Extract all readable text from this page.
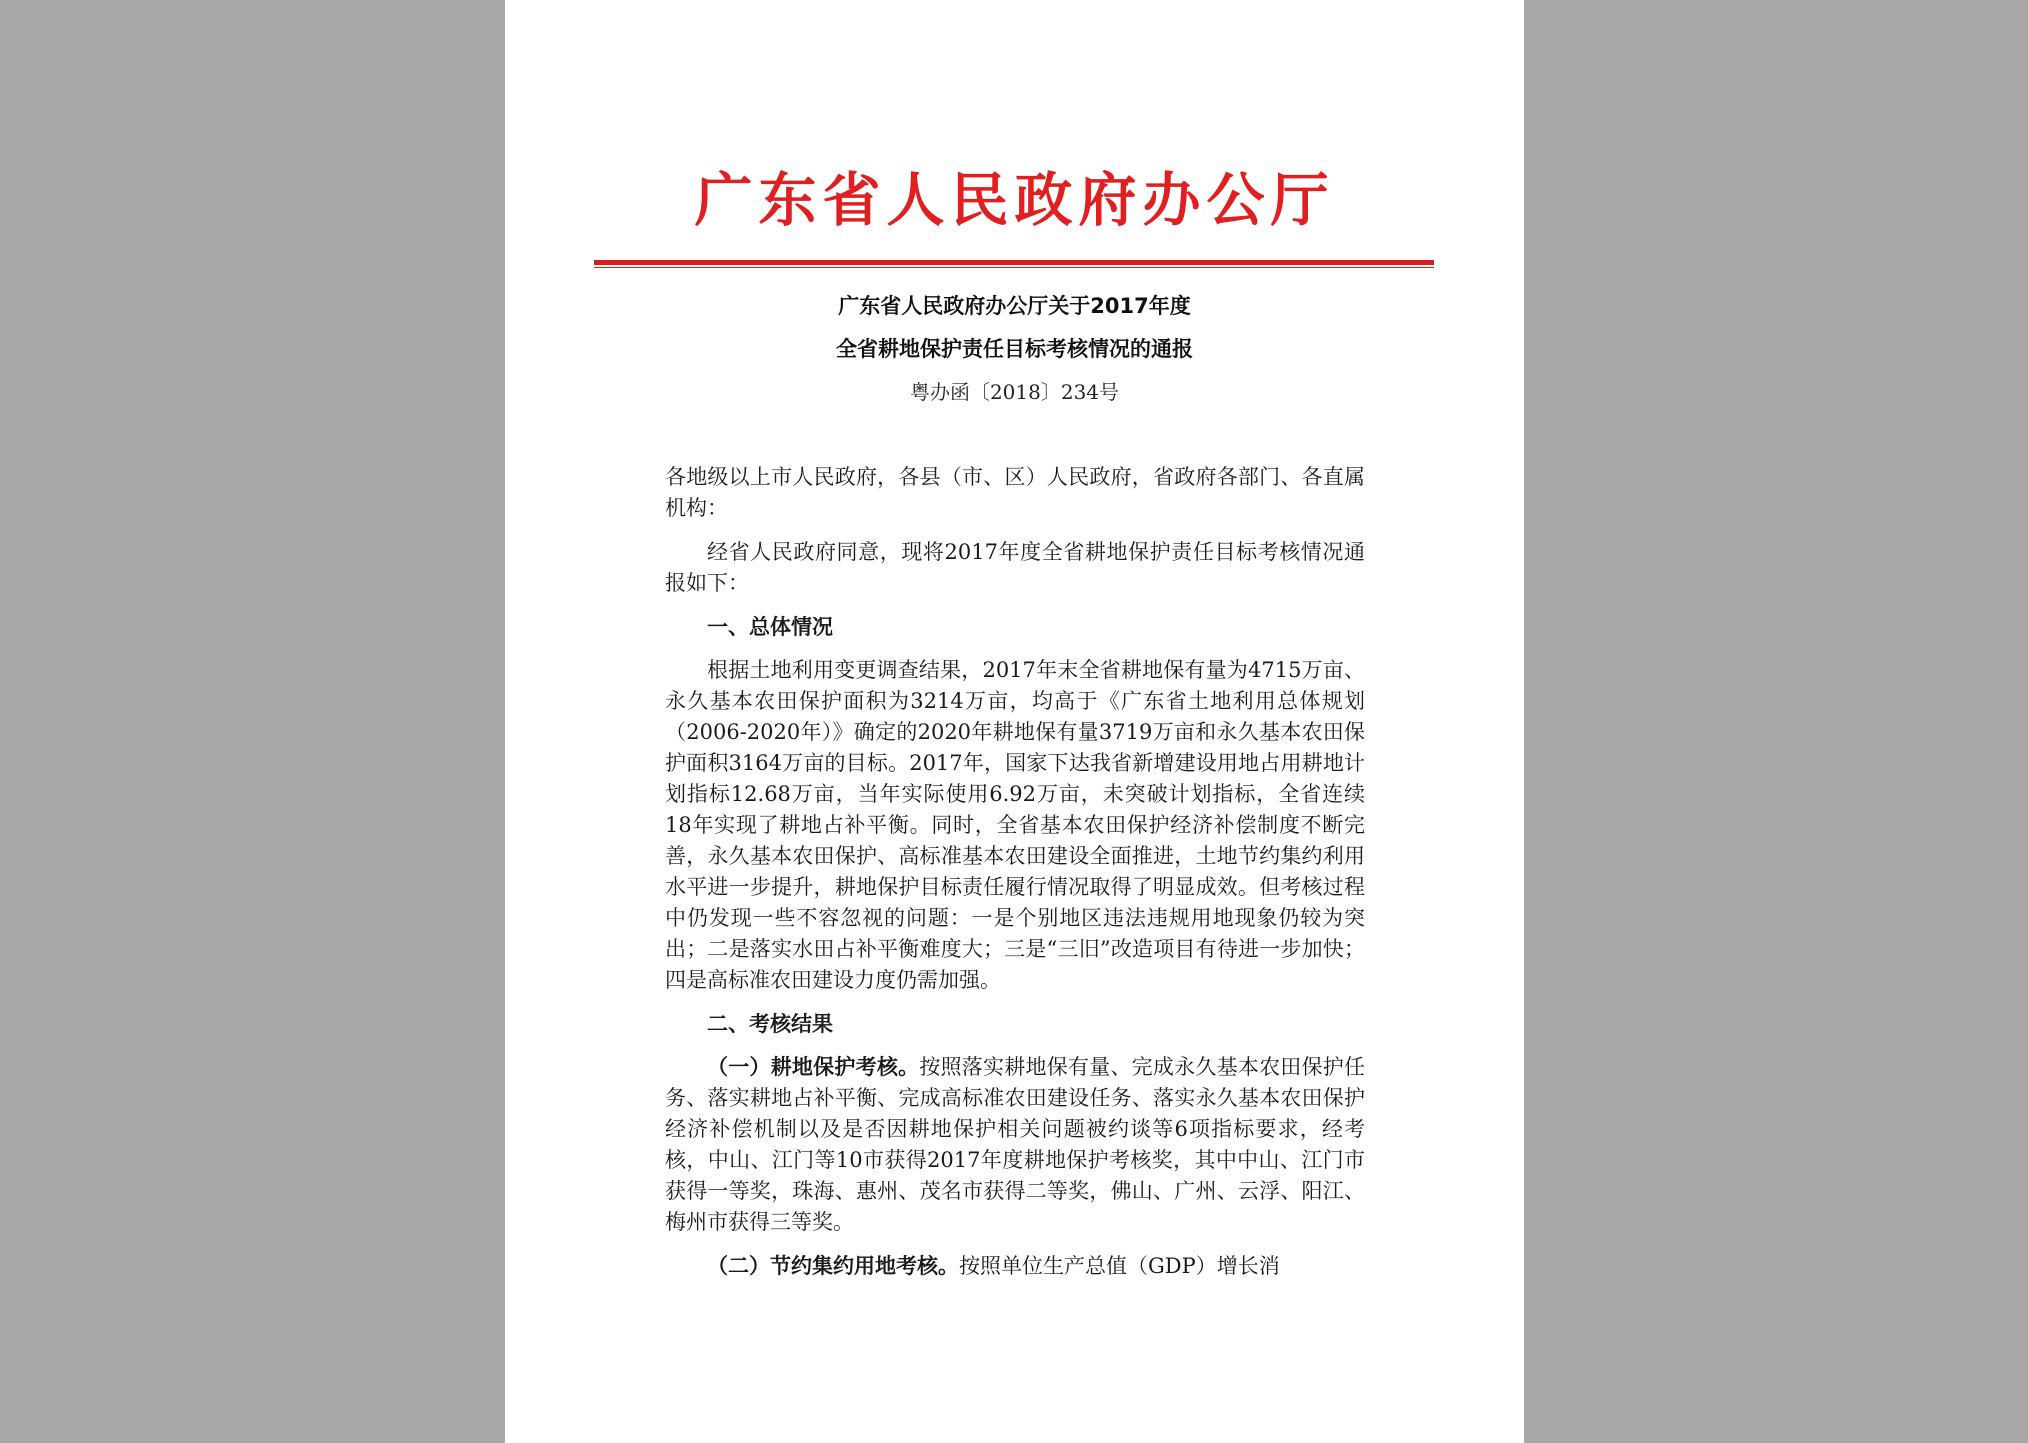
广东省人民政府办公厅
广东省人民政府办公厅关于2017年度
全省耕地保护责任目标考核情况的通报
粤办函〔2018〕234号

各地级以上市人民政府，各县（市、区）人民政府，省政府各部门、各直属机构：

经省人民政府同意，现将2017年度全省耕地保护责任目标考核情况通报如下：

一、总体情况

根据土地利用变更调查结果，2017年末全省耕地保有量为4715万亩、永久基本农田保护面积为3214万亩，均高于《广东省土地利用总体规划（2006-2020年）》确定的2020年耕地保有量3719万亩和永久基本农田保护面积3164万亩的目标。2017年，国家下达我省新增建设用地占用耕地计划指标12.68万亩，当年实际使用6.92万亩，未突破计划指标，全省连续18年实现了耕地占补平衡。同时，全省基本农田保护经济补偿制度不断完善，永久基本农田保护、高标准基本农田建设全面推进，土地节约集约利用水平进一步提升，耕地保护目标责任履行情况取得了明显成效。但考核过程中仍发现一些不容忽视的问题：一是个别地区违法违规用地现象仍较为突出；二是落实水田占补平衡难度大；三是“三旧”改造项目有待进一步加快；四是高标准农田建设力度仍需加强。

二、考核结果

（一）耕地保护考核。按照落实耕地保有量、完成永久基本农田保护任务、落实耕地占补平衡、完成高标准农田建设任务、落实永久基本农田保护经济补偿机制以及是否因耕地保护相关问题被约谈等6项指标要求，经考核，中山、江门等10市获得2017年度耕地保护考核奖，其中中山、江门市获得一等奖，珠海、惠州、茂名市获得二等奖，佛山、广州、云浮、阳江、梅州市获得三等奖。

（二）节约集约用地考核。按照单位生产总值（GDP）增长消
